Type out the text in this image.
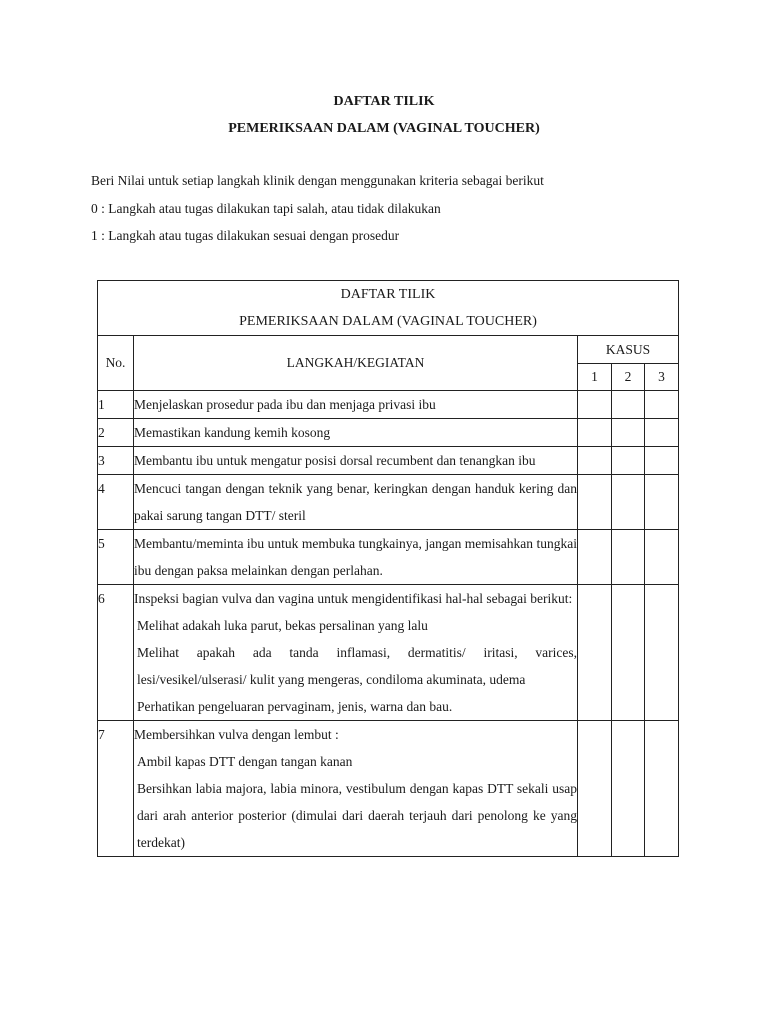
DAFTAR TILIK
PEMERIKSAAN DALAM (VAGINAL TOUCHER)
Beri Nilai untuk setiap langkah klinik dengan menggunakan kriteria sebagai berikut
0 : Langkah atau tugas dilakukan tapi salah, atau tidak dilakukan
1 : Langkah atau tugas dilakukan sesuai dengan prosedur
DAFTAR TILIK
PEMERIKSAAN DALAM (VAGINAL TOUCHER)				

No.	LANGKAH/KEGIATAN	KASUS		
		1	2	3
1	Menjelaskan prosedur pada ibu dan menjaga privasi ibu			

2	Memastikan kandung kemih kosong			

3	Membantu ibu untuk mengatur posisi dorsal recumbent dan tenangkan ibu			

4	Mencuci tangan dengan teknik yang benar, keringkan dengan handuk kering dan pakai sarung tangan DTT/ steril			

5	Membantu/meminta ibu untuk membuka tungkainya, jangan memisahkan tungkai ibu dengan paksa melainkan dengan perlahan.			

6	Inspeksi bagian vulva dan vagina untuk mengidentifikasi hal-hal sebagai berikut:
Melihat adakah luka parut, bekas persalinan yang lalu
Melihat apakah ada tanda inflamasi, dermatitis/ iritasi, varices, lesi/vesikel/ulserasi/ kulit yang mengeras, condiloma akuminata, udema
Perhatikan pengeluaran pervaginam, jenis, warna dan bau.			

7	Membersihkan vulva dengan lembut :
Ambil kapas DTT dengan tangan kanan
Bersihkan labia majora, labia minora, vestibulum dengan kapas DTT sekali usap dari arah anterior posterior (dimulai dari daerah terjauh dari penolong ke yang terdekat)			
